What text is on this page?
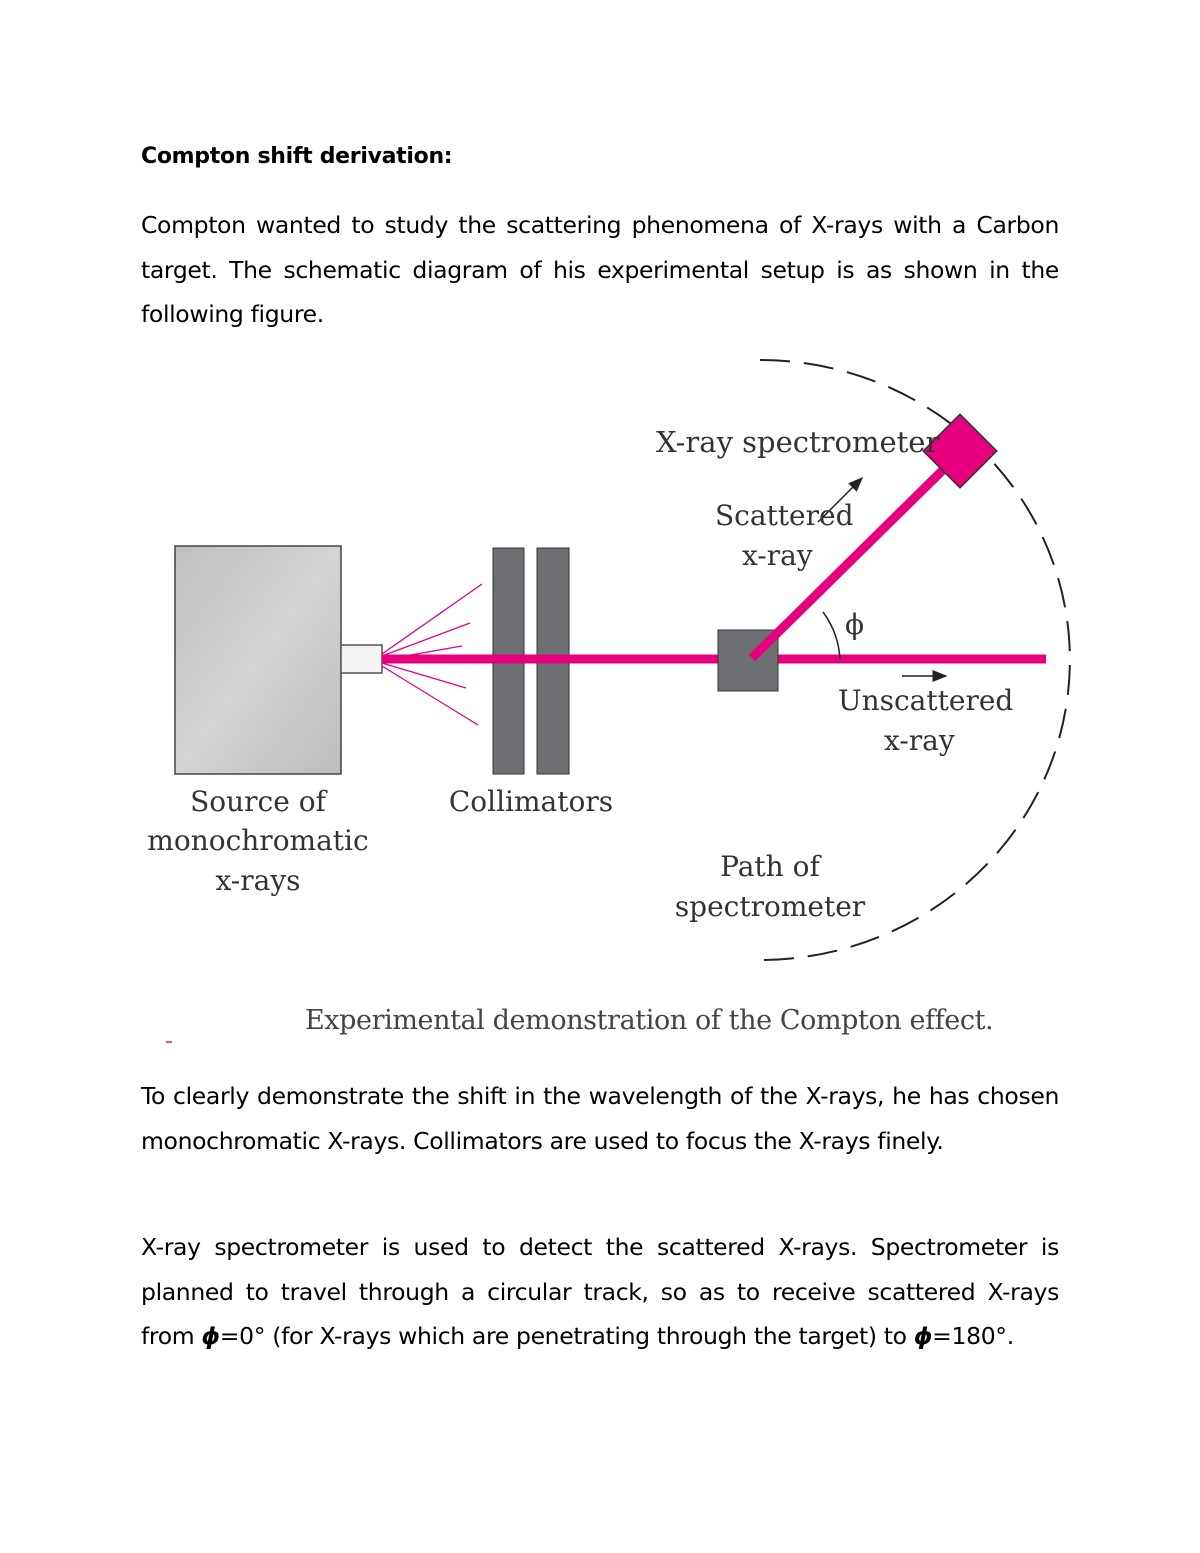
Compton shift derivation:

Compton wanted to study the scattering phenomena of X-rays with a Carbon target. The schematic diagram of his experimental setup is as shown in the following figure.

X-ray spectrometer
Scattered
x-ray
ϕ
Unscattered
x-ray
Source of
monochromatic
x-rays
Collimators
Path of
spectrometer
Experimental demonstration of the Compton effect.

To clearly demonstrate the shift in the wavelength of the X-rays, he has chosen monochromatic X-rays. Collimators are used to focus the X-rays finely.

X-ray spectrometer is used to detect the scattered X-rays. Spectrometer is planned to travel through a circular track, so as to receive scattered X-rays from ϕ=0° (for X-rays which are penetrating through the target) to ϕ=180°.
